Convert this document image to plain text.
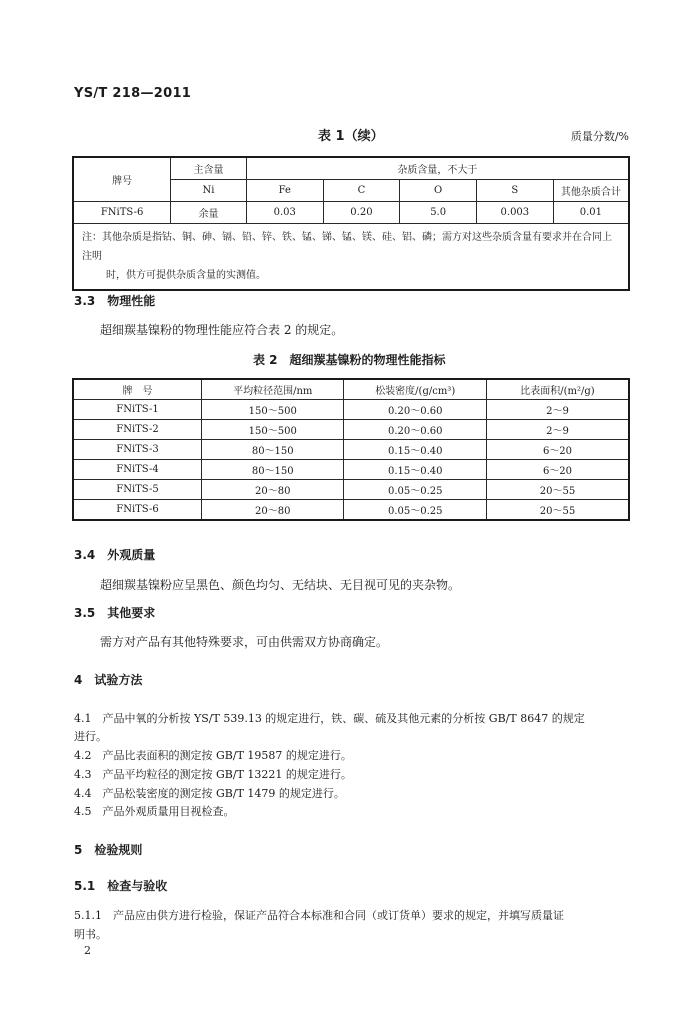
YS/T 218—2011
表 1（续）	质量分数/%
牌号	主含量	杂质含量，不大于				
	Ni	Fe	C	O	S	其他杂质合计
FNiTS-6	余量	0.03	0.20	5.0	0.003	0.01

注：其他杂质是指钴、铜、砷、镉、铅、锌、铁、锰、锑、锰、镁、硅、铝、磷；需方对这些杂质含量有要求并在合同上注明
时，供方可提供杂质含量的实测值。						
3.3　物理性能
超细羰基镍粉的物理性能应符合表 2 的规定。
表 2　超细羰基镍粉的物理性能指标
牌　号	平均粒径范围/nm	松装密度/(g/cm³)	比表面积/(m²/g)
FNiTS-1	150～500	0.20～0.60	2～9
FNiTS-2	150～500	0.20～0.60	2～9
FNiTS-3	80～150	0.15～0.40	6～20
FNiTS-4	80～150	0.15～0.40	6～20
FNiTS-5	20～80	0.05～0.25	20～55
FNiTS-6	20～80	0.05～0.25	20～55
3.4　外观质量
超细羰基镍粉应呈黑色、颜色均匀、无结块、无目视可见的夹杂物。
3.5　其他要求
需方对产品有其他特殊要求，可由供需双方协商确定。
4　试验方法
4.1　产品中氧的分析按 YS/T 539.13 的规定进行，铁、碳、硫及其他元素的分析按 GB/T 8647 的规定
进行。
4.2　产品比表面积的测定按 GB/T 19587 的规定进行。
4.3　产品平均粒径的测定按 GB/T 13221 的规定进行。
4.4　产品松装密度的测定按 GB/T 1479 的规定进行。
4.5　产品外观质量用目视检查。
5　检验规则
5.1　检查与验收
5.1.1　产品应由供方进行检验，保证产品符合本标准和合同（或订货单）要求的规定，并填写质量证
明书。
2
